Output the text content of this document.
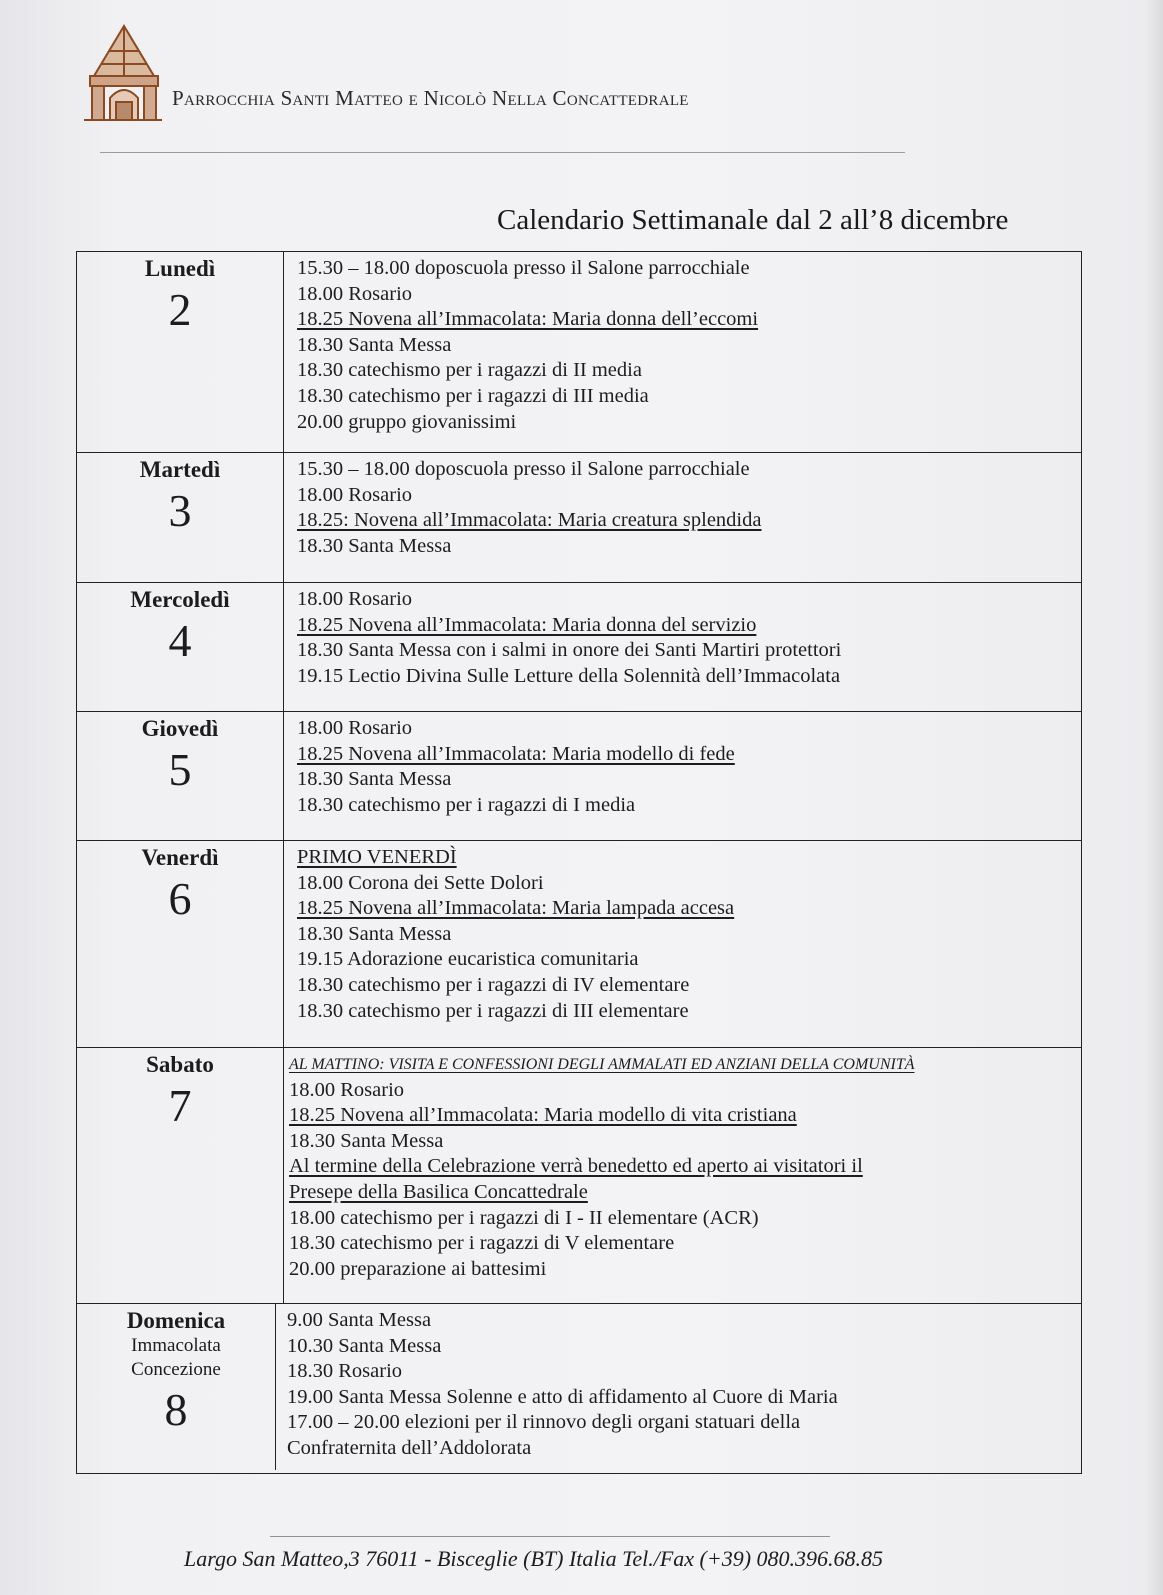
Parrocchia Santi Matteo e Nicolò Nella Concattedrale
Calendario Settimanale dal 2 all’8 dicembre
Lunedì
2
15.30 – 18.00 doposcuola presso il Salone parrocchiale
18.00 Rosario
18.25 Novena all’Immacolata: Maria donna dell’eccomi
18.30 Santa Messa
18.30 catechismo per i ragazzi di II media
18.30 catechismo per i ragazzi di III media
20.00 gruppo giovanissimi
Martedì
3
15.30 – 18.00 doposcuola presso il Salone parrocchiale
18.00 Rosario
18.25: Novena all’Immacolata: Maria creatura splendida
18.30 Santa Messa
Mercoledì
4
18.00 Rosario
18.25 Novena all’Immacolata: Maria donna del servizio
18.30 Santa Messa con i salmi in onore dei Santi Martiri protettori
19.15 Lectio Divina Sulle Letture della Solennità dell’Immacolata
Giovedì
5
18.00 Rosario
18.25 Novena all’Immacolata: Maria modello di fede
18.30 Santa Messa
18.30 catechismo per i ragazzi di I media
Venerdì
6
PRIMO VENERDÌ
18.00 Corona dei Sette Dolori
18.25 Novena all’Immacolata: Maria lampada accesa
18.30 Santa Messa
19.15 Adorazione eucaristica comunitaria
18.30 catechismo per i ragazzi di IV elementare
18.30 catechismo per i ragazzi di III elementare
Sabato
7
AL MATTINO: VISITA E CONFESSIONI DEGLI AMMALATI ED ANZIANI DELLA COMUNITÀ
18.00 Rosario
18.25 Novena all’Immacolata: Maria modello di vita cristiana
18.30 Santa Messa
Al termine della Celebrazione verrà benedetto ed aperto ai visitatori il
Presepe della Basilica Concattedrale
18.00 catechismo per i ragazzi di I - II elementare (ACR)
18.30 catechismo per i ragazzi di V elementare
20.00 preparazione ai battesimi
Domenica
Immacolata Concezione
8
9.00 Santa Messa
10.30 Santa Messa
18.30 Rosario
19.00 Santa Messa Solenne e atto di affidamento al Cuore di Maria
17.00 – 20.00 elezioni per il rinnovo degli organi statuari della
Confraternita dell’Addolorata
Largo San Matteo,3 76011 - Bisceglie (BT) Italia Tel./Fax (+39) 080.396.68.85
